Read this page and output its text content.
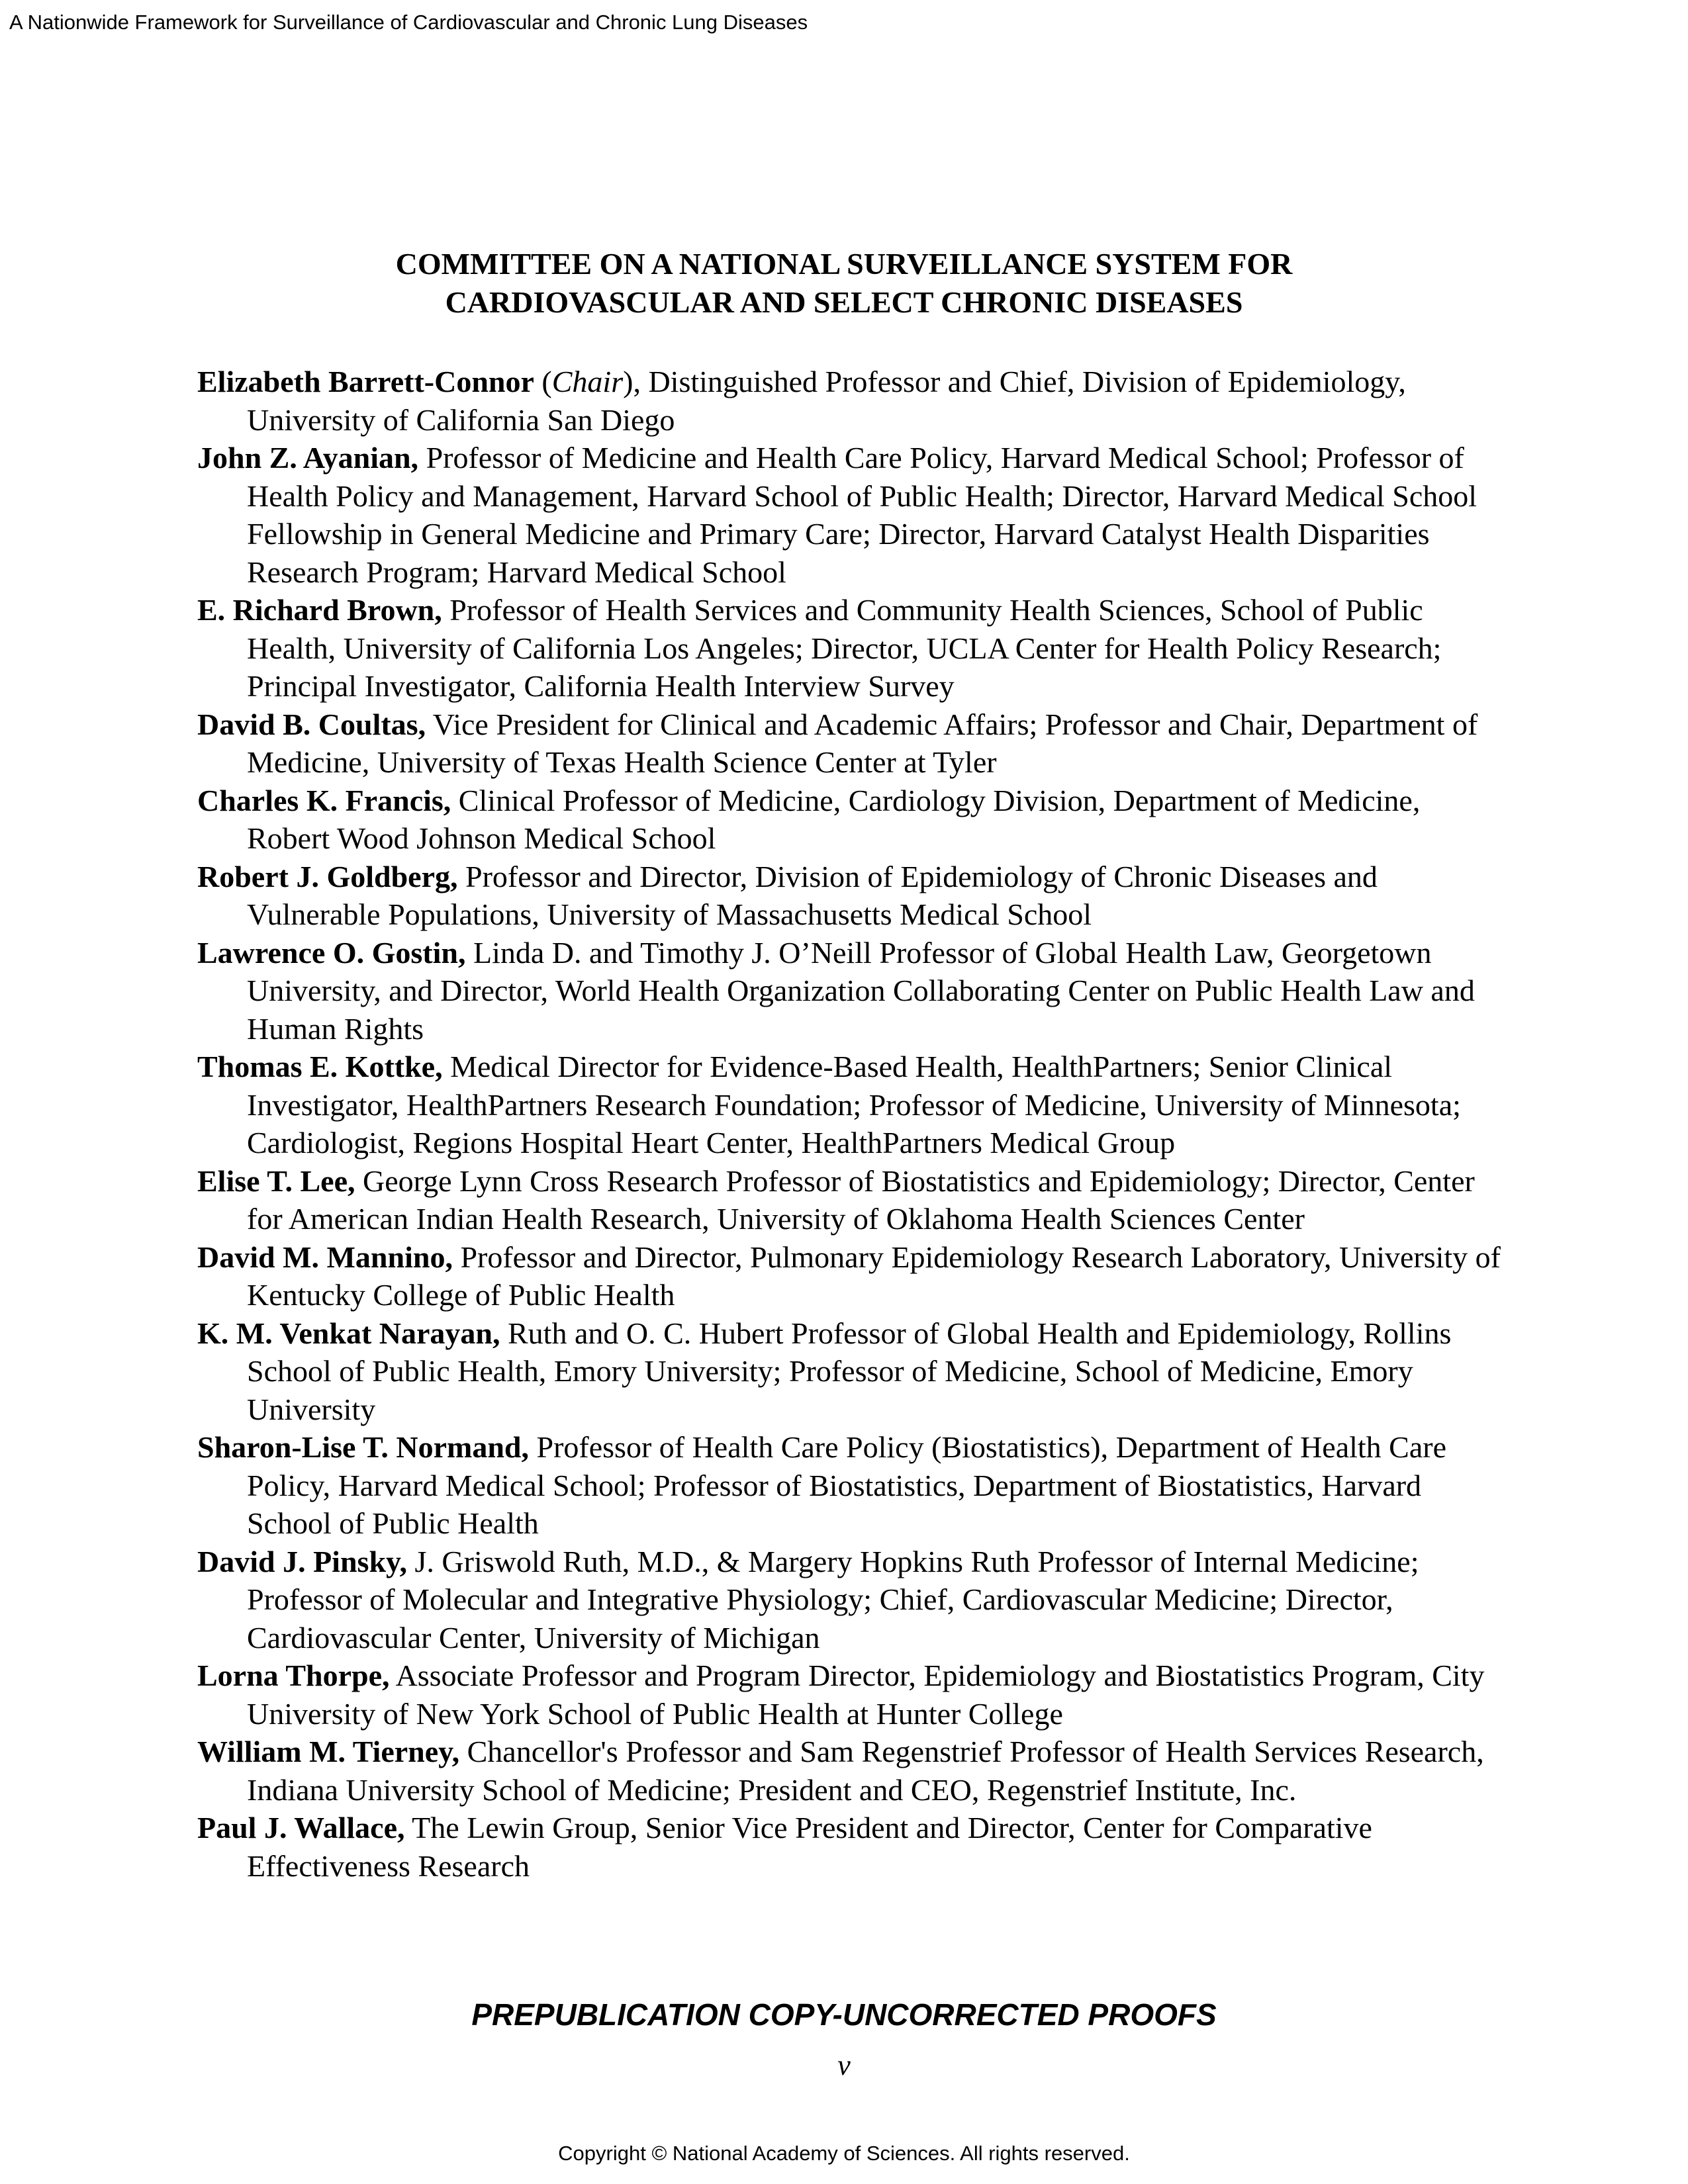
A Nationwide Framework for Surveillance of Cardiovascular and Chronic Lung Diseases
COMMITTEE ON A NATIONAL SURVEILLANCE SYSTEM FOR
CARDIOVASCULAR AND SELECT CHRONIC DISEASES
Elizabeth Barrett-Connor (Chair), Distinguished Professor and Chief, Division of Epidemiology, University of California San Diego
John Z. Ayanian, Professor of Medicine and Health Care Policy, Harvard Medical School; Professor of Health Policy and Management, Harvard School of Public Health; Director, Harvard Medical School Fellowship in General Medicine and Primary Care; Director, Harvard Catalyst Health Disparities Research Program; Harvard Medical School
E. Richard Brown, Professor of Health Services and Community Health Sciences, School of Public Health, University of California Los Angeles; Director, UCLA Center for Health Policy Research; Principal Investigator, California Health Interview Survey
David B. Coultas, Vice President for Clinical and Academic Affairs; Professor and Chair, Department of Medicine, University of Texas Health Science Center at Tyler
Charles K. Francis, Clinical Professor of Medicine, Cardiology Division, Department of Medicine, Robert Wood Johnson Medical School
Robert J. Goldberg, Professor and Director, Division of Epidemiology of Chronic Diseases and Vulnerable Populations, University of Massachusetts Medical School
Lawrence O. Gostin, Linda D. and Timothy J. O’Neill Professor of Global Health Law, Georgetown University, and Director, World Health Organization Collaborating Center on Public Health Law and Human Rights
Thomas E. Kottke, Medical Director for Evidence-Based Health, HealthPartners; Senior Clinical Investigator, HealthPartners Research Foundation; Professor of Medicine, University of Minnesota; Cardiologist, Regions Hospital Heart Center, HealthPartners Medical Group
Elise T. Lee, George Lynn Cross Research Professor of Biostatistics and Epidemiology; Director, Center for American Indian Health Research, University of Oklahoma Health Sciences Center
David M. Mannino, Professor and Director, Pulmonary Epidemiology Research Laboratory, University of Kentucky College of Public Health
K. M. Venkat Narayan, Ruth and O. C. Hubert Professor of Global Health and Epidemiology, Rollins School of Public Health, Emory University; Professor of Medicine, School of Medicine, Emory University
Sharon-Lise T. Normand, Professor of Health Care Policy (Biostatistics), Department of Health Care Policy, Harvard Medical School; Professor of Biostatistics, Department of Biostatistics, Harvard School of Public Health
David J. Pinsky, J. Griswold Ruth, M.D., & Margery Hopkins Ruth Professor of Internal Medicine; Professor of Molecular and Integrative Physiology; Chief, Cardiovascular Medicine; Director, Cardiovascular Center, University of Michigan
Lorna Thorpe, Associate Professor and Program Director, Epidemiology and Biostatistics Program, City University of New York School of Public Health at Hunter College
William M. Tierney, Chancellor's Professor and Sam Regenstrief Professor of Health Services Research, Indiana University School of Medicine; President and CEO, Regenstrief Institute, Inc.
Paul J. Wallace, The Lewin Group, Senior Vice President and Director, Center for Comparative Effectiveness Research
PREPUBLICATION COPY-UNCORRECTED PROOFS
v
Copyright © National Academy of Sciences. All rights reserved.
